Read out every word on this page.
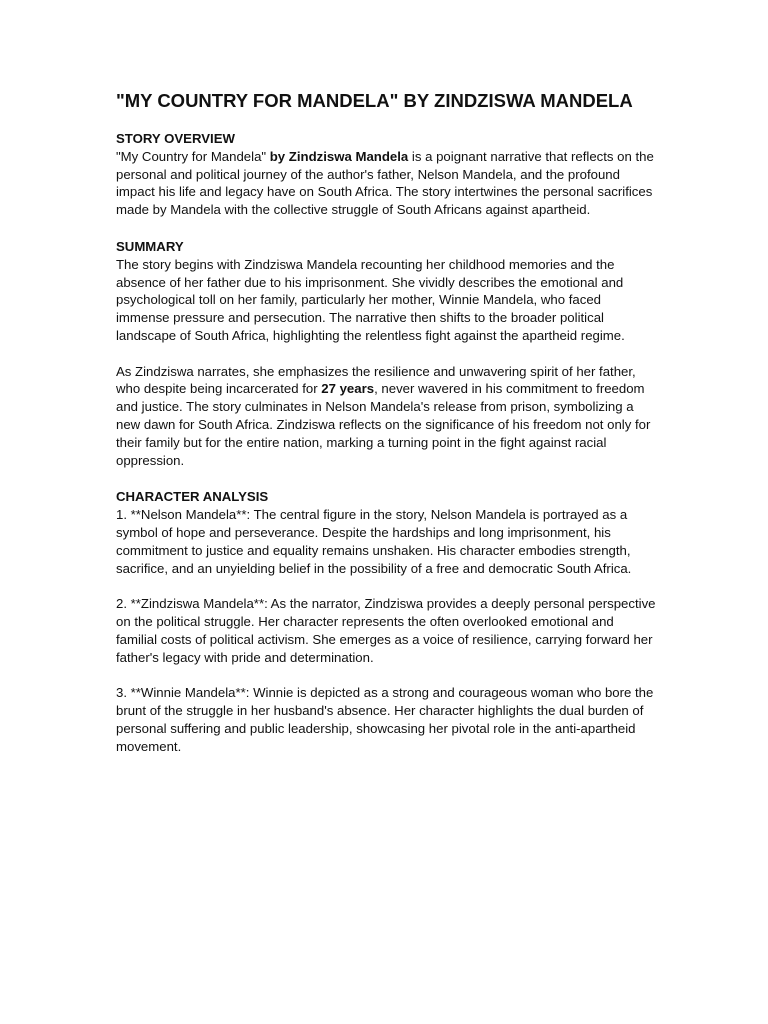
"MY COUNTRY FOR MANDELA" BY ZINDZISWA MANDELA
STORY OVERVIEW

"My Country for Mandela" by Zindziswa Mandela is a poignant narrative that reflects on the personal and political journey of the author's father, Nelson Mandela, and the profound impact his life and legacy have on South Africa. The story intertwines the personal sacrifices made by Mandela with the collective struggle of South Africans against apartheid.

SUMMARY

The story begins with Zindziswa Mandela recounting her childhood memories and the absence of her father due to his imprisonment. She vividly describes the emotional and psychological toll on her family, particularly her mother, Winnie Mandela, who faced immense pressure and persecution. The narrative then shifts to the broader political landscape of South Africa, highlighting the relentless fight against the apartheid regime.

As Zindziswa narrates, she emphasizes the resilience and unwavering spirit of her father, who despite being incarcerated for 27 years, never wavered in his commitment to freedom and justice. The story culminates in Nelson Mandela's release from prison, symbolizing a new dawn for South Africa. Zindziswa reflects on the significance of his freedom not only for their family but for the entire nation, marking a turning point in the fight against racial oppression.

CHARACTER ANALYSIS

1. **Nelson Mandela**: The central figure in the story, Nelson Mandela is portrayed as a symbol of hope and perseverance. Despite the hardships and long imprisonment, his commitment to justice and equality remains unshaken. His character embodies strength, sacrifice, and an unyielding belief in the possibility of a free and democratic South Africa.

2. **Zindziswa Mandela**: As the narrator, Zindziswa provides a deeply personal perspective on the political struggle. Her character represents the often overlooked emotional and familial costs of political activism. She emerges as a voice of resilience, carrying forward her father's legacy with pride and determination.

3. **Winnie Mandela**: Winnie is depicted as a strong and courageous woman who bore the brunt of the struggle in her husband's absence. Her character highlights the dual burden of personal suffering and public leadership, showcasing her pivotal role in the anti-apartheid movement.
